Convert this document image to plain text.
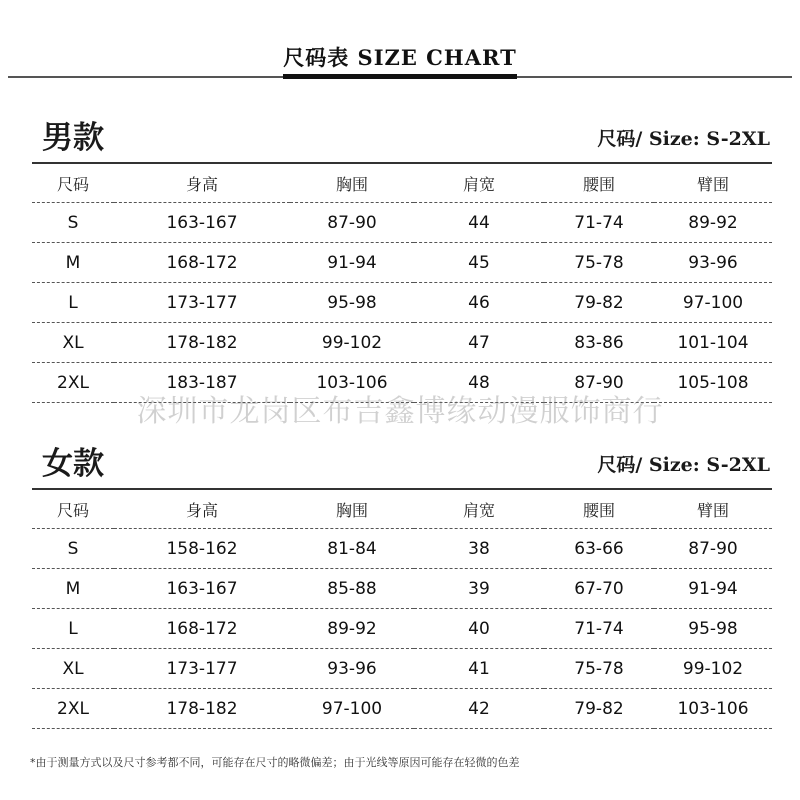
尺码表 SIZE CHART
男款	尺码/ Size: S-2XL
尺码	身高	胸围	肩宽	腰围	臂围
S	163-167	87-90	44	71-74	89-92
M	168-172	91-94	45	75-78	93-96
L	173-177	95-98	46	79-82	97-100
XL	178-182	99-102	47	83-86	101-104
2XL	183-187	103-106	48	87-90	105-108
深圳市龙岗区布吉鑫博缘动漫服饰商行
女款	尺码/ Size: S-2XL
尺码	身高	胸围	肩宽	腰围	臂围
S	158-162	81-84	38	63-66	87-90
M	163-167	85-88	39	67-70	91-94
L	168-172	89-92	40	71-74	95-98
XL	173-177	93-96	41	75-78	99-102
2XL	178-182	97-100	42	79-82	103-106
*由于测量方式以及尺寸参考都不同，可能存在尺寸的略微偏差；由于光线等原因可能存在轻微的色差
